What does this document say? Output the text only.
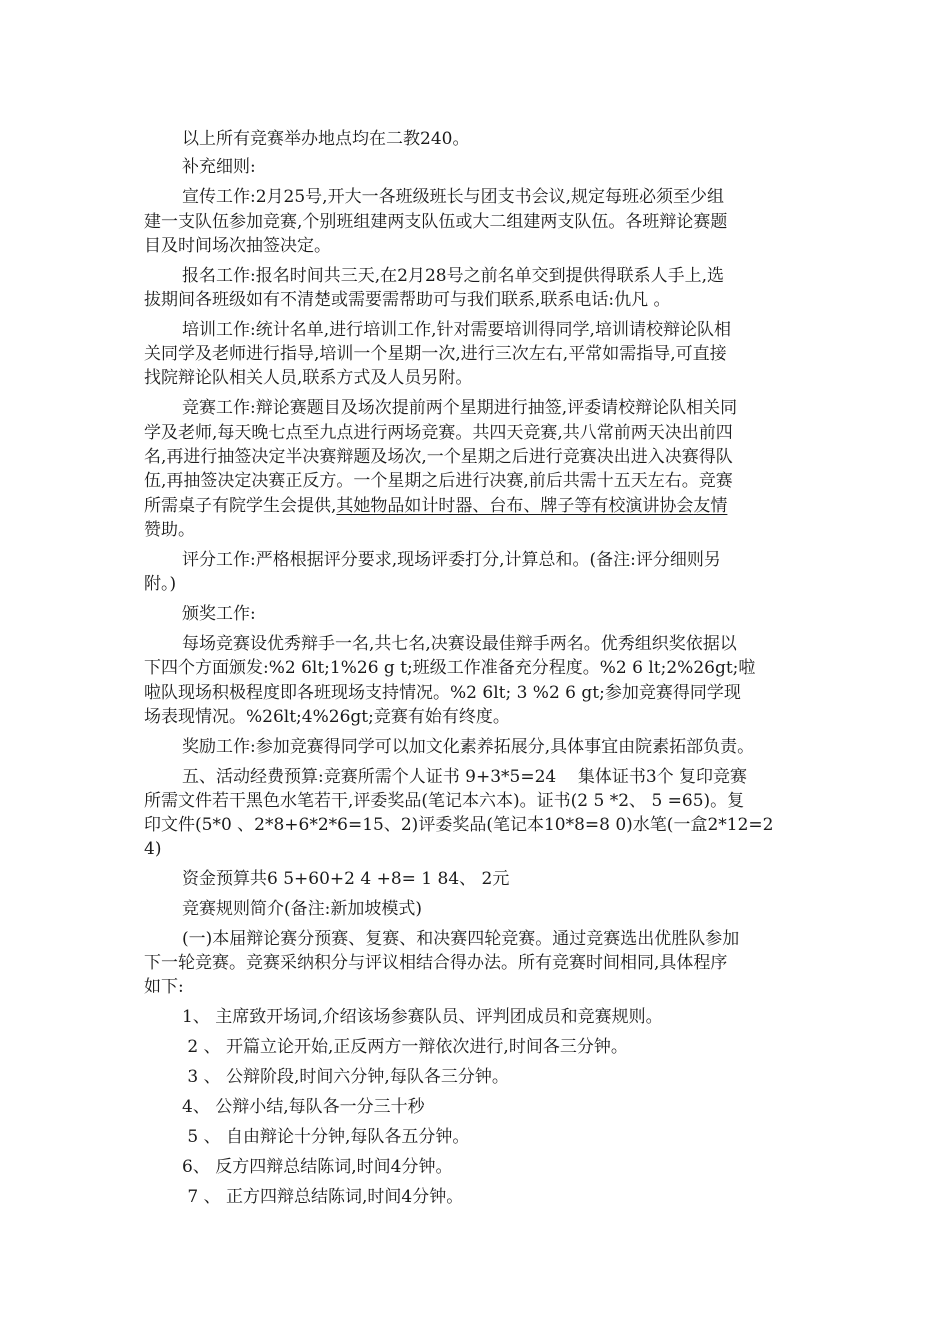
以上所有竞赛举办地点均在二教240。
补充细则:
宣传工作:2月25号,开大一各班级班长与团支书会议,规定每班必须至少组
建一支队伍参加竞赛,个别班组建两支队伍或大二组建两支队伍。各班辩论赛题
目及时间场次抽签决定。
报名工作:报名时间共三天,在2月28号之前名单交到提供得联系人手上,选
拔期间各班级如有不清楚或需要需帮助可与我们联系,联系电话:仇凡 。
培训工作:统计名单,进行培训工作,针对需要培训得同学,培训请校辩论队相
关同学及老师进行指导,培训一个星期一次,进行三次左右,平常如需指导,可直接
找院辩论队相关人员,联系方式及人员另附。
竞赛工作:辩论赛题目及场次提前两个星期进行抽签,评委请校辩论队相关同
学及老师,每天晚七点至九点进行两场竞赛。共四天竞赛,共八常前两天决出前四
名,再进行抽签决定半决赛辩题及场次,一个星期之后进行竞赛决出进入决赛得队
伍,再抽签决定决赛正反方。一个星期之后进行决赛,前后共需十五天左右。竞赛
所需桌子有院学生会提供,其她物品如计时器、台布、牌子等有校演讲协会友情
赞助。
评分工作:严格根据评分要求,现场评委打分,计算总和。(备注:评分细则另
附。)
颁奖工作:
每场竞赛设优秀辩手一名,共七名,决赛设最佳辩手两名。优秀组织奖依据以
下四个方面颁发:%2 6lt;1%26 g t;班级工作准备充分程度。%2 6 lt;2%26gt;啦
啦队现场积极程度即各班现场支持情况。%2 6lt; 3 %2 6 gt;参加竞赛得同学现
场表现情况。%26lt;4%26gt;竞赛有始有终度。
奖励工作:参加竞赛得同学可以加文化素养拓展分,具体事宜由院素拓部负责。
五、活动经费预算:竞赛所需个人证书 9+3*5=24    集体证书3个 复印竞赛
所需文件若干黑色水笔若干,评委奖品(笔记本六本)。证书(2 5 *2、 5 =65)。复
印文件(5*0 、2*8+6*2*6=15、2)评委奖品(笔记本10*8=8 0)水笔(一盒2*12=2
4)
资金预算共6 5+60+2 4 +8= 1 84、 2元
竞赛规则简介(备注:新加坡模式)
(一)本届辩论赛分预赛、复赛、和决赛四轮竞赛。通过竞赛选出优胜队参加
下一轮竞赛。竞赛采纳积分与评议相结合得办法。所有竞赛时间相同,具体程序
如下:
1、 主席致开场词,介绍该场参赛队员、评判团成员和竞赛规则。
2 、 开篇立论开始,正反两方一辩依次进行,时间各三分钟。
3 、 公辩阶段,时间六分钟,每队各三分钟。
4、 公辩小结,每队各一分三十秒
5 、 自由辩论十分钟,每队各五分钟。
6、 反方四辩总结陈词,时间4分钟。
7 、 正方四辩总结陈词,时间4分钟。
